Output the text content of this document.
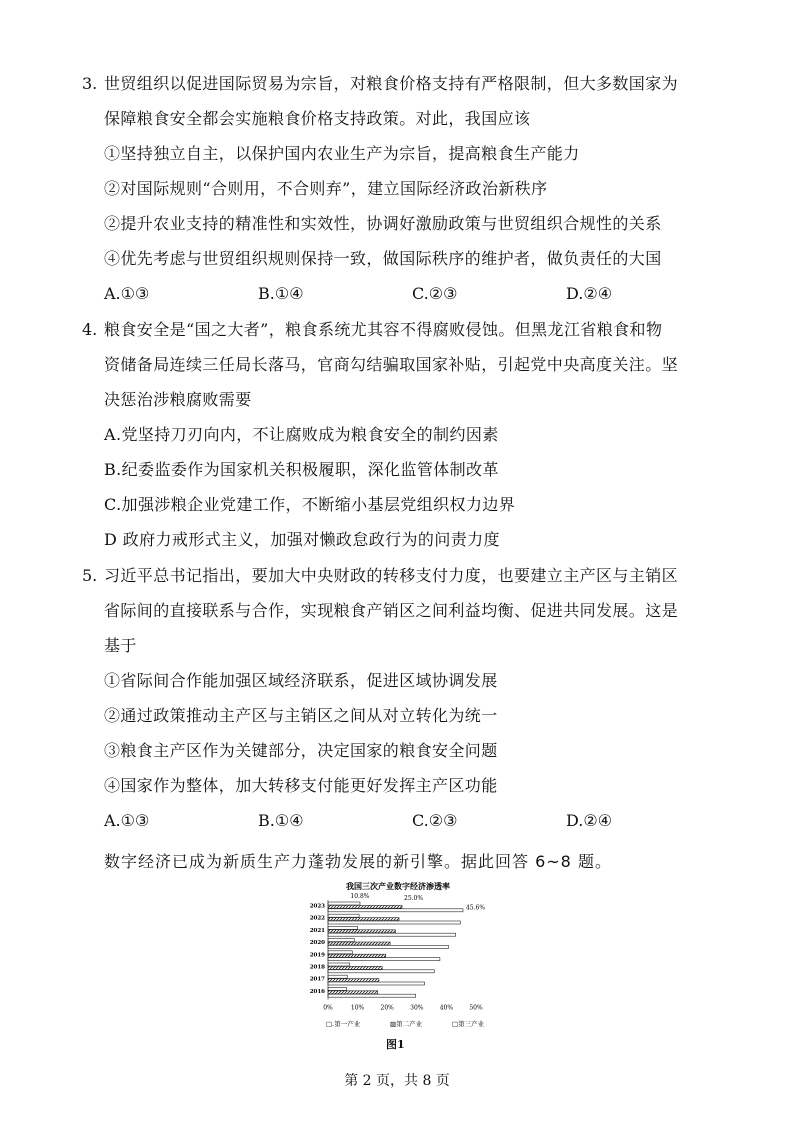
3. 世贸组织以促进国际贸易为宗旨，对粮食价格支持有严格限制，但大多数国家为
保障粮食安全都会实施粮食价格支持政策。对此，我国应该
①坚持独立自主，以保护国内农业生产为宗旨，提高粮食生产能力
②对国际规则“合则用，不合则弃”，建立国际经济政治新秩序
②提升农业支持的精准性和实效性，协调好激励政策与世贸组织合规性的关系
④优先考虑与世贸组织规则保持一致，做国际秩序的维护者，做负责任的大国
A.①③	B.①④	C.②③	D.②④
4. 粮食安全是“国之大者”，粮食系统尤其容不得腐败侵蚀。但黑龙江省粮食和物
资储备局连续三任局长落马，官商勾结骗取国家补贴，引起党中央高度关注。坚
决惩治涉粮腐败需要
A.党坚持刀刃向内，不让腐败成为粮食安全的制约因素
B.纪委监委作为国家机关积极履职，深化监管体制改革
C.加强涉粮企业党建工作，不断缩小基层党组织权力边界
D 政府力戒形式主义，加强对懒政怠政行为的问责力度
5. 习近平总书记指出，要加大中央财政的转移支付力度，也要建立主产区与主销区
省际间的直接联系与合作，实现粮食产销区之间利益均衡、促进共同发展。这是
基于
①省际间合作能加强区域经济联系，促进区域协调发展
②通过政策推动主产区与主销区之间从对立转化为统一
③粮食主产区作为关键部分，决定国家的粮食安全问题
④国家作为整体，加大转移支付能更好发挥主产区功能
A.①③	B.①④	C.②③	D.②④
数字经济已成为新质生产力蓬勃发展的新引擎。据此回答 6~8 题。
我国三次产业数字经济渗透率
2023
2022
2021
2020
2019
2018
2017
2016
0%	10%	20%	30%	40%	50%
10.8%	25.0%
45.6%
□.第一产业	▨第二产业	□第三产业
图1
第 2 页，共 8 页
